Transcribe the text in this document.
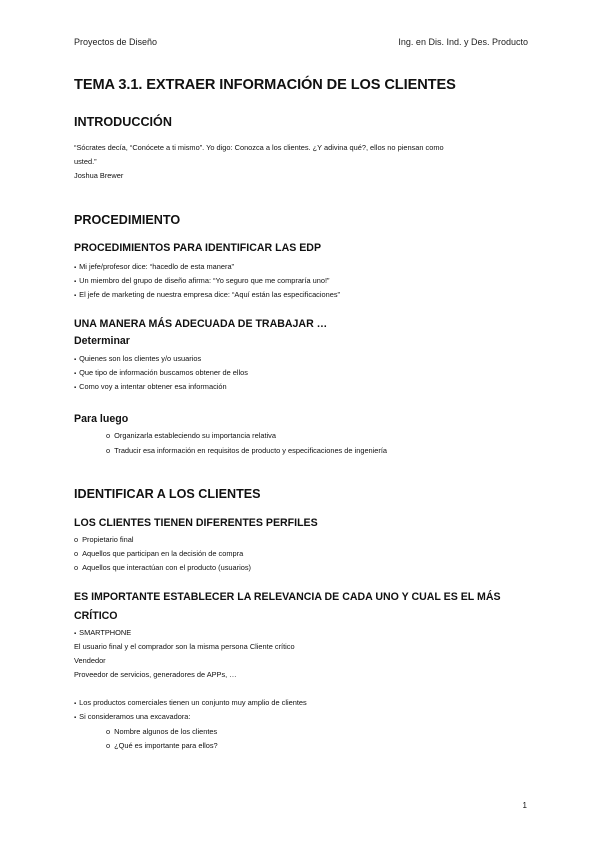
Proyectos de Diseño	Ing. en Dis. Ind. y Des. Producto
TEMA 3.1. EXTRAER INFORMACIÓN DE LOS CLIENTES
INTRODUCCIÓN
“Sócrates decía, “Conócete a ti mismo”. Yo digo: Conozca a los clientes. ¿Y adivina qué?, ellos no piensan como
usted.”
Joshua Brewer
PROCEDIMIENTO
PROCEDIMIENTOS PARA IDENTIFICAR LAS EDP
▪ Mi jefe/profesor dice: “hacedlo de esta manera”
▪ Un miembro del grupo de diseño afirma: “Yo seguro que me compraría uno!”
▪ El jefe de marketing de nuestra empresa dice: “Aquí están las especificaciones”
UNA MANERA MÁS ADECUADA DE TRABAJAR …
Determinar
▪ Quienes son los clientes y/o usuarios
▪ Que tipo de información buscamos obtener de ellos
▪ Como voy a intentar obtener esa información
Para luego
o Organizarla estableciendo su importancia relativa
o Traducir esa información en requisitos de producto y especificaciones de ingeniería
IDENTIFICAR A LOS CLIENTES
LOS CLIENTES TIENEN DIFERENTES PERFILES
o Propietario final
o Aquellos que participan en la decisión de compra
o Aquellos que interactúan con el producto (usuarios)
ES IMPORTANTE ESTABLECER LA RELEVANCIA DE CADA UNO Y CUAL ES EL MÁS
CRÍTICO
▪ SMARTPHONE
El usuario final y el comprador son la misma persona Cliente crítico
Vendedor
Proveedor de servicios, generadores de APPs, …
▪ Los productos comerciales tienen un conjunto muy amplio de clientes
▪ Si consideramos una excavadora:
o Nombre algunos de los clientes
o ¿Qué es importante para ellos?
1
